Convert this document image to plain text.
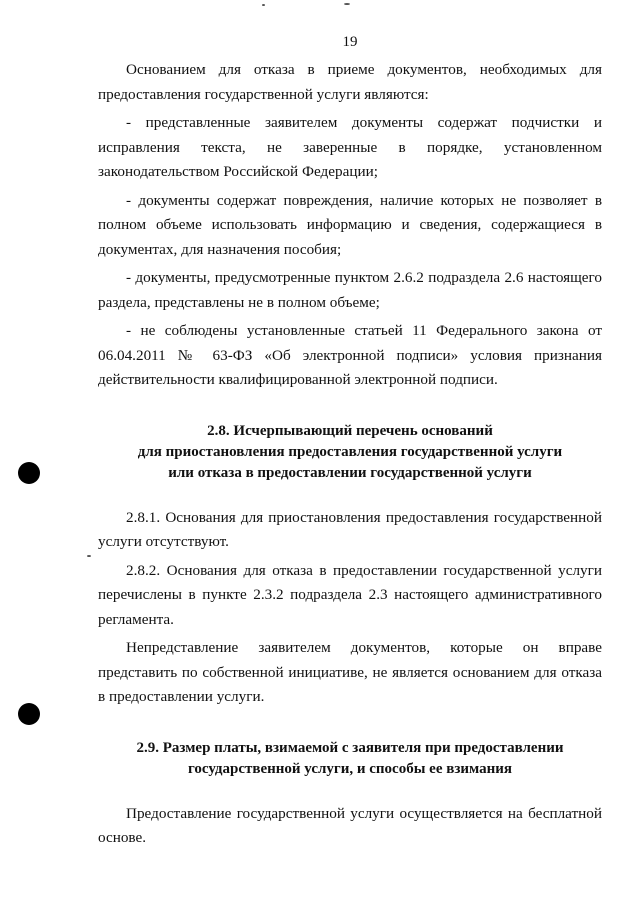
19

Основанием для отказа в приеме документов, необходимых для предоставления государственной услуги являются:

- представленные заявителем документы содержат подчистки и исправления текста, не заверенные в порядке, установленном законодательством Российской Федерации;

- документы содержат повреждения, наличие которых не позволяет в полном объеме использовать информацию и сведения, содержащиеся в документах, для назначения пособия;

- документы, предусмотренные пунктом 2.6.2 подраздела 2.6 настоящего раздела, представлены не в полном объеме;

- не соблюдены установленные статьей 11 Федерального закона от 06.04.2011 № 63-ФЗ «Об электронной подписи» условия признания действительности квалифицированной электронной подписи.

2.8. Исчерпывающий перечень оснований
для приостановления предоставления государственной услуги
или отказа в предоставлении государственной услуги

2.8.1. Основания для приостановления предоставления государственной услуги отсутствуют.

2.8.2. Основания для отказа в предоставлении государственной услуги перечислены в пункте 2.3.2 подраздела 2.3 настоящего административного регламента.

Непредставление заявителем документов, которые он вправе представить по собственной инициативе, не является основанием для отказа в предоставлении услуги.

2.9. Размер платы, взимаемой с заявителя при предоставлении
государственной услуги, и способы ее взимания

Предоставление государственной услуги осуществляется на бесплатной основе.
